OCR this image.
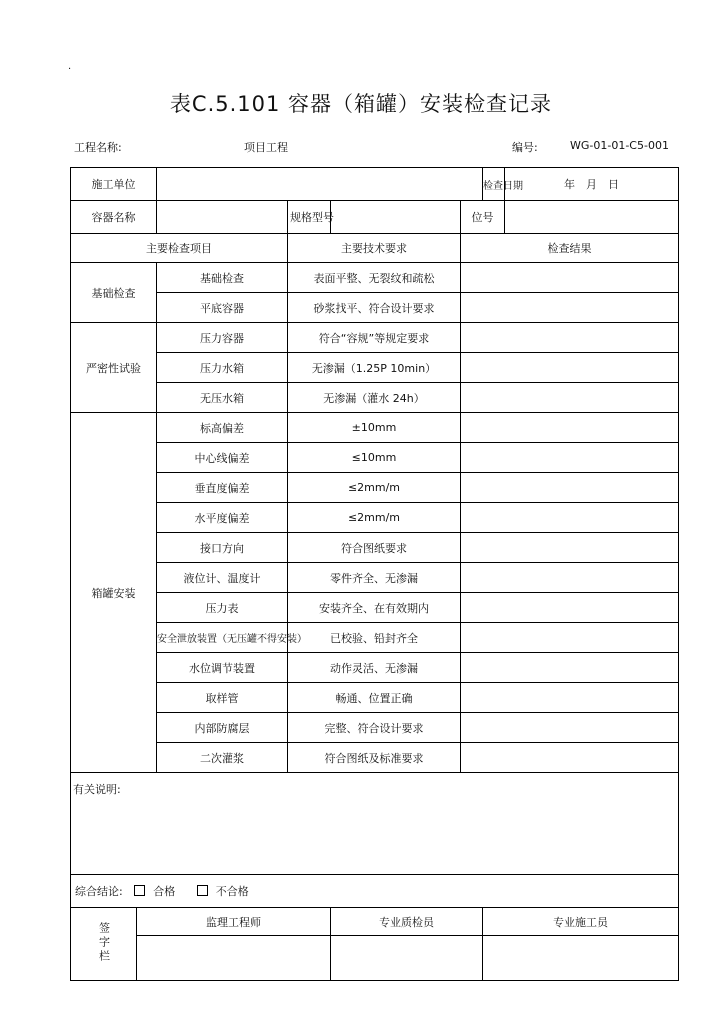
.
表C.5.101 容器（箱罐）安装检查记录
工程名称:	项目工程	编号:	WG-01-01-C5-001
施工单位						检查日期	年　月　日
容器名称			规格型号		位号		
主要检查项目			主要技术要求		检查结果		
基础检查		基础检查	表面平整、无裂纹和疏松				
		平底容器	砂浆找平、符合设计要求				
严密性试验		压力容器	符合“容规”等规定要求				
		压力水箱	无渗漏（1.25P 10min）				
		无压水箱	无渗漏（灌水 24h）				
箱罐安装		标高偏差	±10mm				
		中心线偏差	≤10mm				
		垂直度偏差	≤2mm/m				
		水平度偏差	≤2mm/m				
		接口方向	符合图纸要求				
		液位计、温度计	零件齐全、无渗漏				
		压力表	安装齐全、在有效期内				
		安全泄放装置（无压罐不得安装）	已校验、铅封齐全				
		水位调节装置	动作灵活、无渗漏				
		取样管	畅通、位置正确				
		内部防腐层	完整、符合设计要求				
		二次灌浆	符合图纸及标准要求				
有关说明:							
综合结论: 合格 不合格							
签字栏	监理工程师			专业质检员		专业施工员	
